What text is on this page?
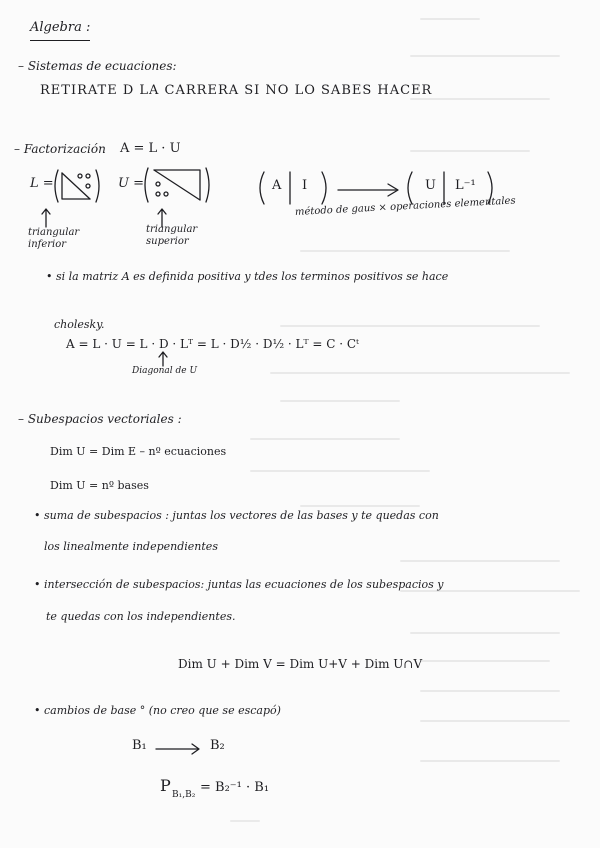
Algebra :
– Sistemas de ecuaciones:
RETIRATE D LA CARRERA SI NO LO SABES HACER
– Factorización A = L · U
L =	U =
triangular inferior
triangular superior
A I	U L⁻¹
método de gaus × operaciones elementales
• si la matriz A es definida positiva y tdes los terminos positivos se hace
cholesky.
A = L · U = L · D · Lᵀ = L · D½ · D½ · Lᵀ = C · Cᵗ
Diagonal de U
– Subespacios vectoriales :
Dim U = Dim E – nº ecuaciones
Dim U = nº bases
• suma de subespacios : juntas los vectores de las bases y te quedas con
los linealmente independientes
• intersección de subespacios: juntas las ecuaciones de los subespacios y
te quedas con los independientes.
Dim U + Dim V = Dim U+V + Dim U∩V
• cambios de base ° (no creo que se escapó)
B₁	B₂
P B₁,B₂ = B₂⁻¹ · B₁
